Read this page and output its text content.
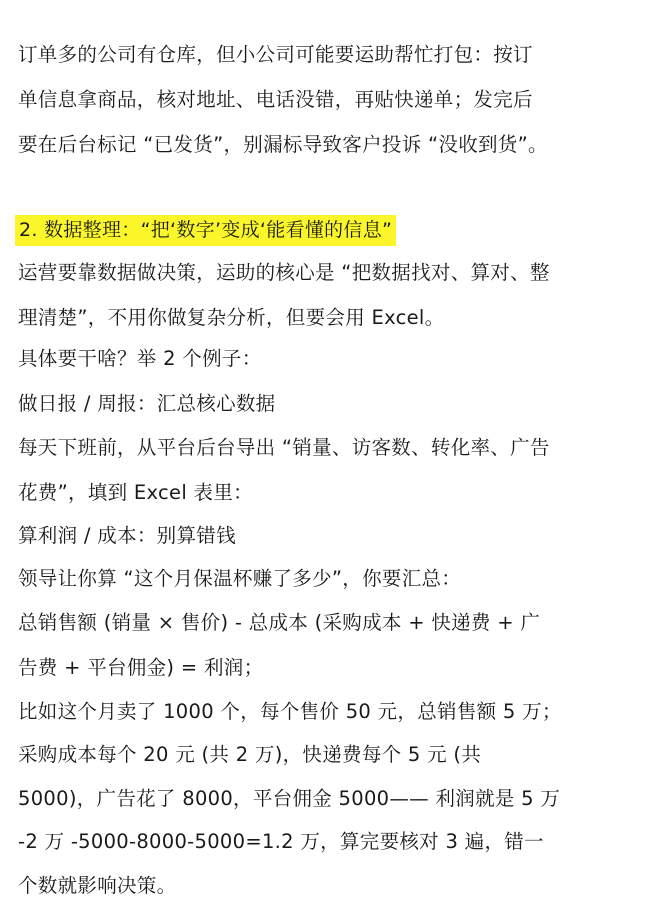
订单多的公司有仓库，但小公司可能要运助帮忙打包：按订
单信息拿商品，核对地址、电话没错，再贴快递单；发完后
要在后台标记 “已发货”，别漏标导致客户投诉 “没收到货”。
2. 数据整理：“把‘数字’变成‘能看懂的信息”
运营要靠数据做决策，运助的核心是 “把数据找对、算对、整
理清楚”，不用你做复杂分析，但要会用 Excel。
具体要干啥？举 2 个例子：
做日报 / 周报：汇总核心数据
每天下班前，从平台后台导出 “销量、访客数、转化率、广告
花费”，填到 Excel 表里：
算利润 / 成本：别算错钱
领导让你算 “这个月保温杯赚了多少”，你要汇总：
总销售额 (销量 × 售价) - 总成本 (采购成本 + 快递费 + 广
告费 + 平台佣金) = 利润；
比如这个月卖了 1000 个，每个售价 50 元，总销售额 5 万；
采购成本每个 20 元 (共 2 万)，快递费每个 5 元 (共
5000)，广告花了 8000，平台佣金 5000—— 利润就是 5 万
-2 万 -5000-8000-5000=1.2 万，算完要核对 3 遍，错一
个数就影响决策。
